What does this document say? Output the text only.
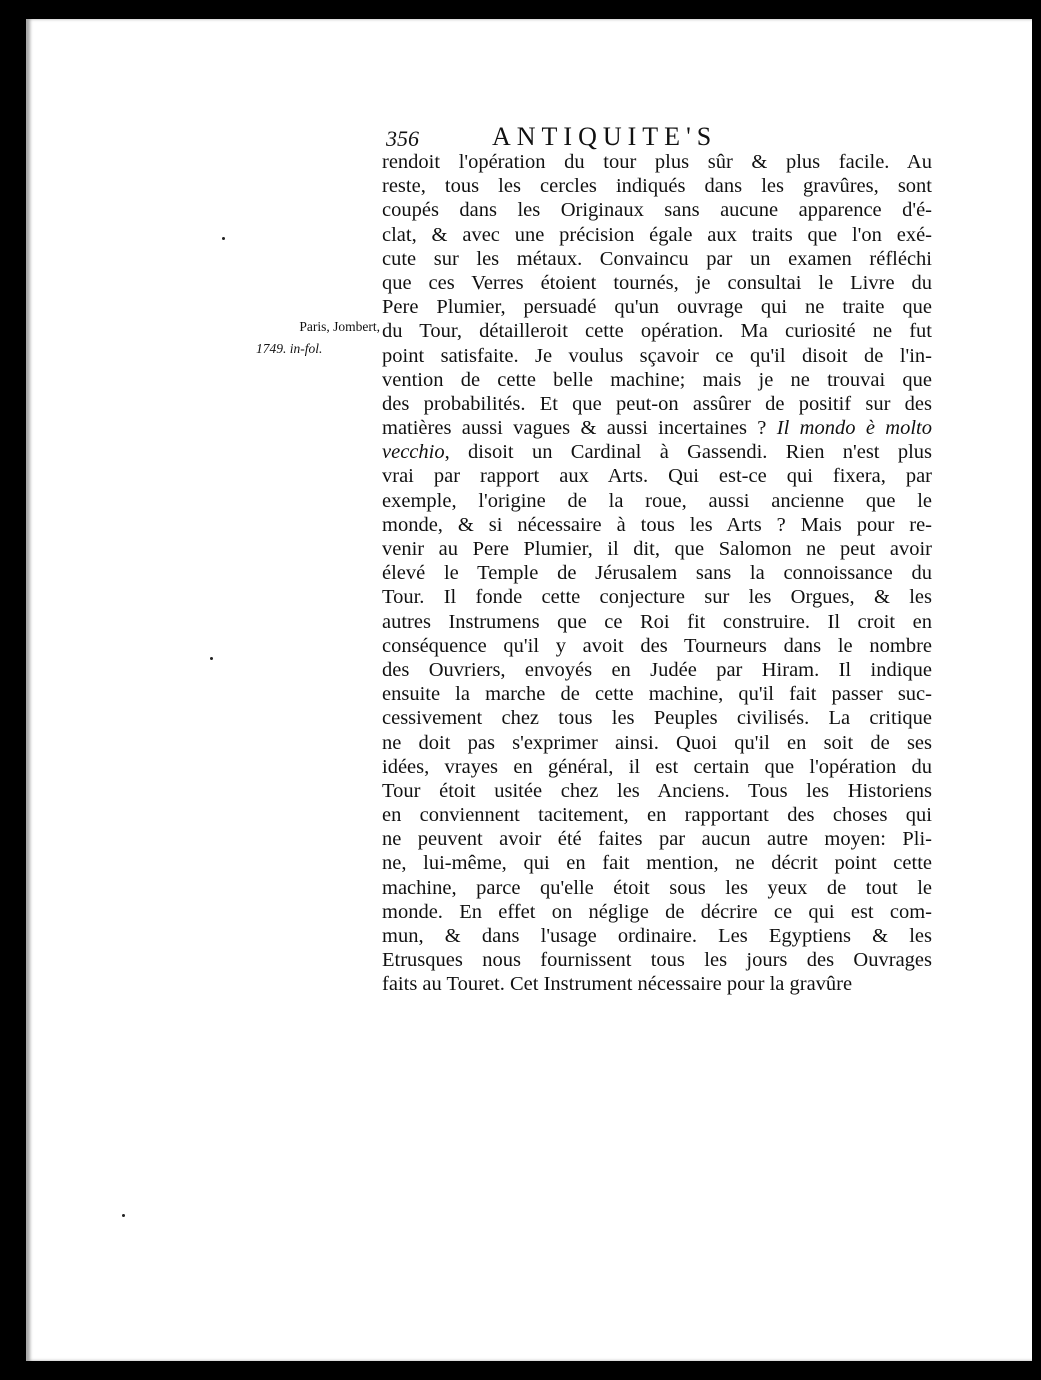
356	ANTIQUITE'S
Paris, Jombert,
1749. in-fol.
rendoit l'opération du tour plus sûr & plus facile. Au
reste, tous les cercles indiqués dans les gravûres, sont
coupés dans les Originaux sans aucune apparence d'é-
clat, & avec une précision égale aux traits que l'on exé-
cute sur les métaux. Convaincu par un examen réfléchi
que ces Verres étoient tournés, je consultai le Livre du
Pere Plumier, persuadé qu'un ouvrage qui ne traite que
du Tour, détailleroit cette opération. Ma curiosité ne fut
point satisfaite. Je voulus sçavoir ce qu'il disoit de l'in-
vention de cette belle machine; mais je ne trouvai que
des probabilités. Et que peut-on assûrer de positif sur des
matières aussi vagues & aussi incertaines ? Il mondo è molto
vecchio, disoit un Cardinal à Gassendi. Rien n'est plus
vrai par rapport aux Arts. Qui est-ce qui fixera, par
exemple, l'origine de la roue, aussi ancienne que le
monde, & si nécessaire à tous les Arts ? Mais pour re-
venir au Pere Plumier, il dit, que Salomon ne peut avoir
élevé le Temple de Jérusalem sans la connoissance du
Tour. Il fonde cette conjecture sur les Orgues, & les
autres Instrumens que ce Roi fit construire. Il croit en
conséquence qu'il y avoit des Tourneurs dans le nombre
des Ouvriers, envoyés en Judée par Hiram. Il indique
ensuite la marche de cette machine, qu'il fait passer suc-
cessivement chez tous les Peuples civilisés. La critique
ne doit pas s'exprimer ainsi. Quoi qu'il en soit de ses
idées, vrayes en général, il est certain que l'opération du
Tour étoit usitée chez les Anciens. Tous les Historiens
en conviennent tacitement, en rapportant des choses qui
ne peuvent avoir été faites par aucun autre moyen: Pli-
ne, lui-même, qui en fait mention, ne décrit point cette
machine, parce qu'elle étoit sous les yeux de tout le
monde. En effet on néglige de décrire ce qui est com-
mun, & dans l'usage ordinaire. Les Egyptiens & les
Etrusques nous fournissent tous les jours des Ouvrages
faits au Touret. Cet Instrument nécessaire pour la gravûre
